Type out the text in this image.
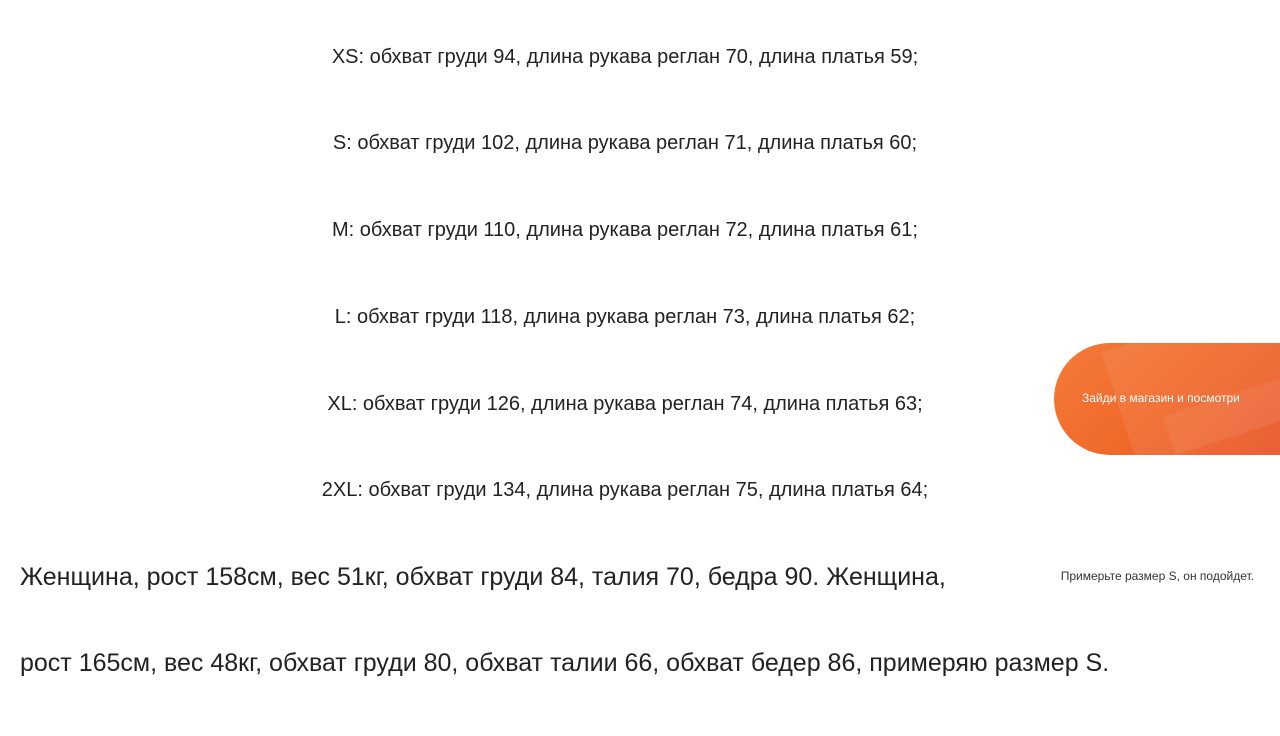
XS: обхват груди 94, длина рукава реглан 70, длина платья 59;
S: обхват груди 102, длина рукава реглан 71, длина платья 60;
M: обхват груди 110, длина рукава реглан 72, длина платья 61;
L: обхват груди 118, длина рукава реглан 73, длина платья 62;
XL: обхват груди 126, длина рукава реглан 74, длина платья 63;
2XL: обхват груди 134, длина рукава реглан 75, длина платья 64;
Женщина, рост 158см, вес 51кг, обхват груди 84, талия 70, бедра 90. Женщина,
рост 165см, вес 48кг, обхват груди 80, обхват талии 66, обхват бедер 86, примеряю размер S.
Примерьте размер S, он подойдет.
Зайди в магазин и посмотри
